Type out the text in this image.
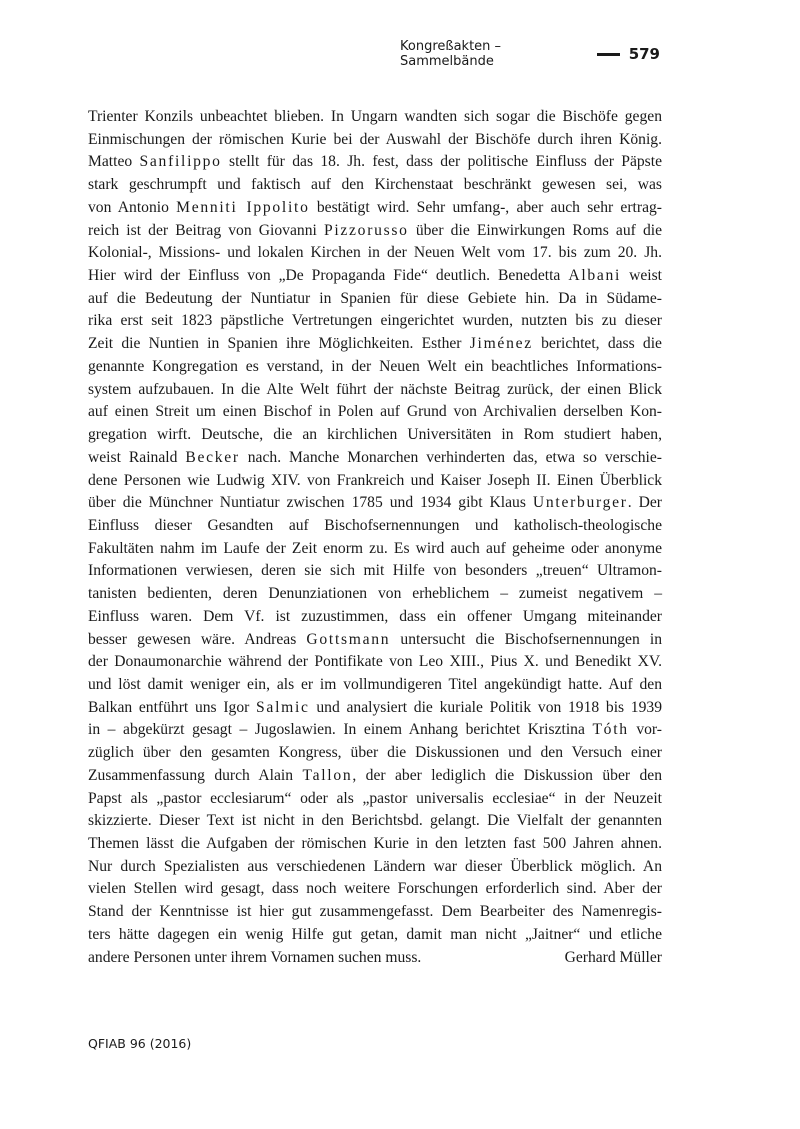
Kongreßakten – Sammelbände	579
Trienter Konzils unbeachtet blieben. In Ungarn wandten sich sogar die Bischöfe gegen
Einmischungen der römischen Kurie bei der Auswahl der Bischöfe durch ihren König.
Matteo Sanfilippo stellt für das 18. Jh. fest, dass der politische Einfluss der Päpste
stark geschrumpft und faktisch auf den Kirchenstaat beschränkt gewesen sei, was
von Antonio Menniti Ippolito bestätigt wird. Sehr umfang-, aber auch sehr ertrag-
reich ist der Beitrag von Giovanni Pizzorusso über die Einwirkungen Roms auf die
Kolonial-, Missions- und lokalen Kirchen in der Neuen Welt vom 17. bis zum 20. Jh.
Hier wird der Einfluss von „De Propaganda Fide“ deutlich. Benedetta Albani weist
auf die Bedeutung der Nuntiatur in Spanien für diese Gebiete hin. Da in Südame-
rika erst seit 1823 päpstliche Vertretungen eingerichtet wurden, nutzten bis zu dieser
Zeit die Nuntien in Spanien ihre Möglichkeiten. Esther Jiménez berichtet, dass die
genannte Kongregation es verstand, in der Neuen Welt ein beachtliches Informations-
system aufzubauen. In die Alte Welt führt der nächste Beitrag zurück, der einen Blick
auf einen Streit um einen Bischof in Polen auf Grund von Archivalien derselben Kon-
gregation wirft. Deutsche, die an kirchlichen Universitäten in Rom studiert haben,
weist Rainald Becker nach. Manche Monarchen verhinderten das, etwa so verschie-
dene Personen wie Ludwig XIV. von Frankreich und Kaiser Joseph II. Einen Überblick
über die Münchner Nuntiatur zwischen 1785 und 1934 gibt Klaus Unterburger. Der
Einfluss dieser Gesandten auf Bischofsernennungen und katholisch-theologische
Fakultäten nahm im Laufe der Zeit enorm zu. Es wird auch auf geheime oder anonyme
Informationen verwiesen, deren sie sich mit Hilfe von besonders „treuen“ Ultramon-
tanisten bedienten, deren Denunziationen von erheblichem – zumeist negativem –
Einfluss waren. Dem Vf. ist zuzustimmen, dass ein offener Umgang miteinander
besser gewesen wäre. Andreas Gottsmann untersucht die Bischofsernennungen in
der Donaumonarchie während der Pontifikate von Leo XIII., Pius X. und Benedikt XV.
und löst damit weniger ein, als er im vollmundigeren Titel angekündigt hatte. Auf den
Balkan entführt uns Igor Salmic und analysiert die kuriale Politik von 1918 bis 1939
in – abgekürzt gesagt – Jugoslawien. In einem Anhang berichtet Krisztina Tóth vor-
züglich über den gesamten Kongress, über die Diskussionen und den Versuch einer
Zusammenfassung durch Alain Tallon, der aber lediglich die Diskussion über den
Papst als „pastor ecclesiarum“ oder als „pastor universalis ecclesiae“ in der Neuzeit
skizzierte. Dieser Text ist nicht in den Berichtsbd. gelangt. Die Vielfalt der genannten
Themen lässt die Aufgaben der römischen Kurie in den letzten fast 500 Jahren ahnen.
Nur durch Spezialisten aus verschiedenen Ländern war dieser Überblick möglich. An
vielen Stellen wird gesagt, dass noch weitere Forschungen erforderlich sind. Aber der
Stand der Kenntnisse ist hier gut zusammengefasst. Dem Bearbeiter des Namenregis-
ters hätte dagegen ein wenig Hilfe gut getan, damit man nicht „Jaitner“ und etliche
andere Personen unter ihrem Vornamen suchen muss.	Gerhard Müller
QFIAB 96 (2016)
